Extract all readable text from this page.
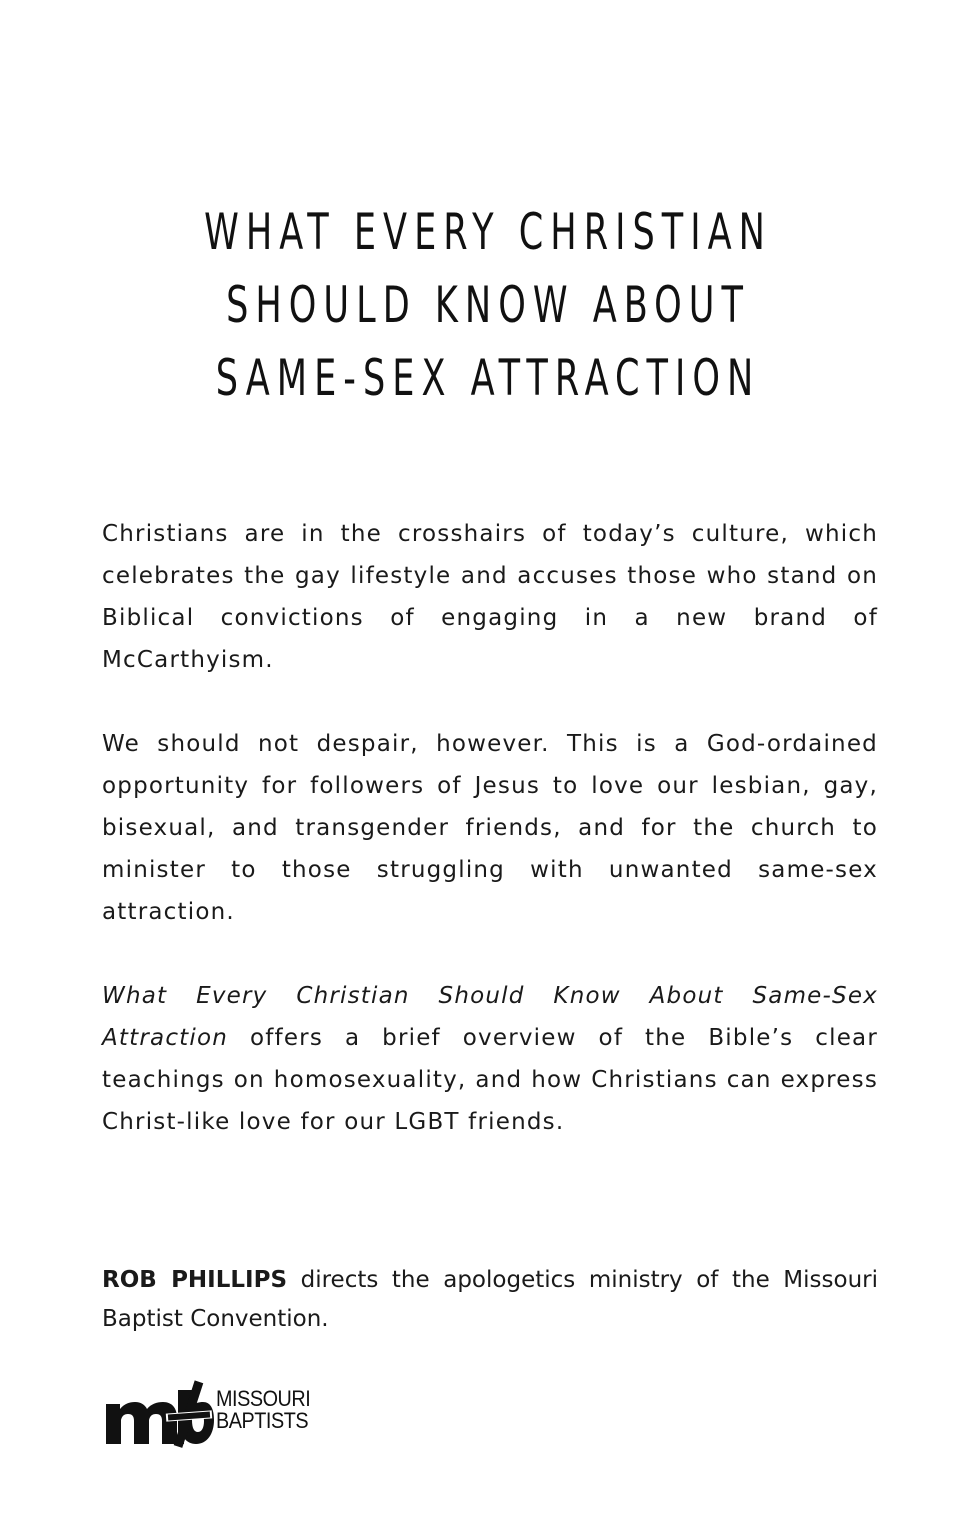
WHAT EVERY CHRISTIAN
SHOULD KNOW ABOUT
SAME-SEX ATTRACTION

Christians are in the crosshairs of today’s culture, which celebrates the gay lifestyle and accuses those who stand on Biblical convictions of engaging in a new brand of McCarthyism.

We should not despair, however. This is a God-ordained opportunity for followers of Jesus to love our lesbian, gay, bisexual, and transgender friends, and for the church to minister to those struggling with unwanted same-sex attraction.

What Every Christian Should Know About Same-Sex Attraction offers a brief overview of the Bible’s clear teachings on homosexuality, and how Christians can express Christ-like love for our LGBT friends.

ROB PHILLIPS directs the apologetics ministry of the Missouri Baptist Convention.

MISSOURI
BAPTISTS
